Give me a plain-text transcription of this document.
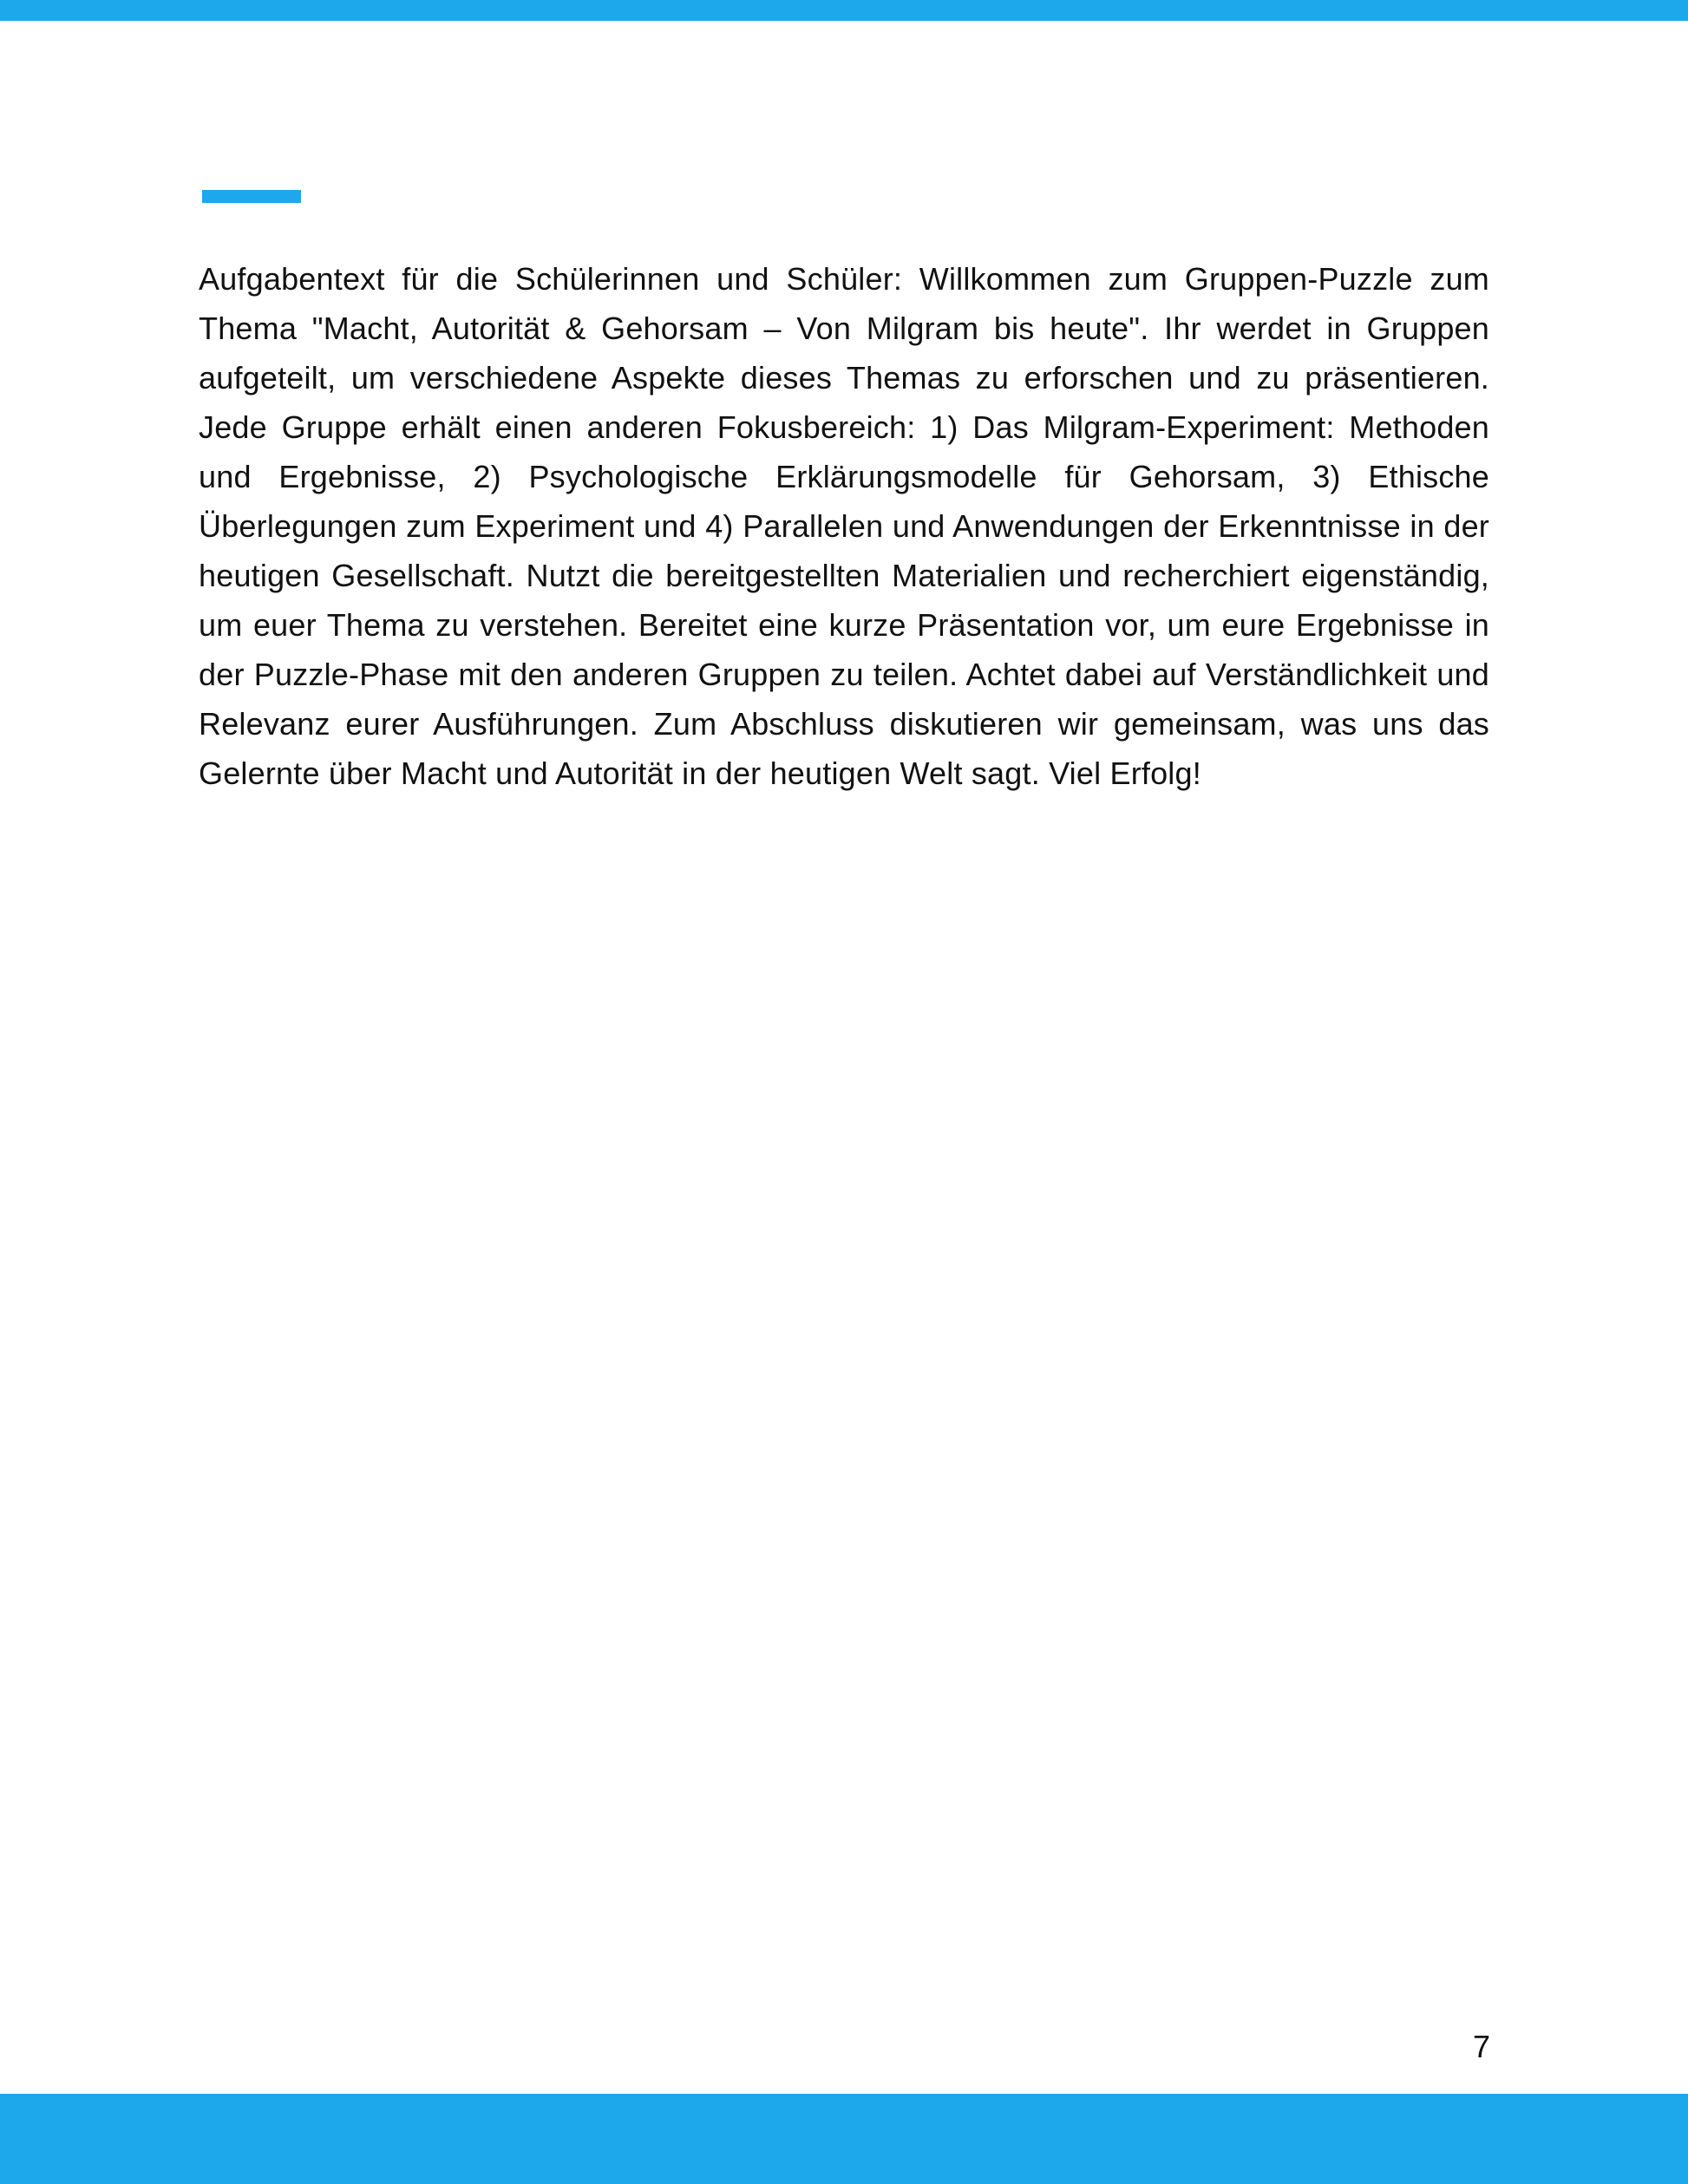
Aufgabentext für die Schülerinnen und Schüler: Willkommen zum Gruppen-Puzzle zum Thema "Macht, Autorität & Gehorsam – Von Milgram bis heute". Ihr werdet in Gruppen aufgeteilt, um verschiedene Aspekte dieses Themas zu erforschen und zu präsentieren. Jede Gruppe erhält einen anderen Fokusbereich: 1) Das Milgram-Experiment: Methoden und Ergebnisse, 2) Psychologische Erklärungsmodelle für Gehorsam, 3) Ethische Überlegungen zum Experiment und 4) Parallelen und Anwendungen der Erkenntnisse in der heutigen Gesellschaft. Nutzt die bereitgestellten Materialien und recherchiert eigenständig, um euer Thema zu verstehen. Bereitet eine kurze Präsentation vor, um eure Ergebnisse in der Puzzle-Phase mit den anderen Gruppen zu teilen. Achtet dabei auf Verständlichkeit und Relevanz eurer Ausführungen. Zum Abschluss diskutieren wir gemeinsam, was uns das Gelernte über Macht und Autorität in der heutigen Welt sagt. Viel Erfolg!

7
